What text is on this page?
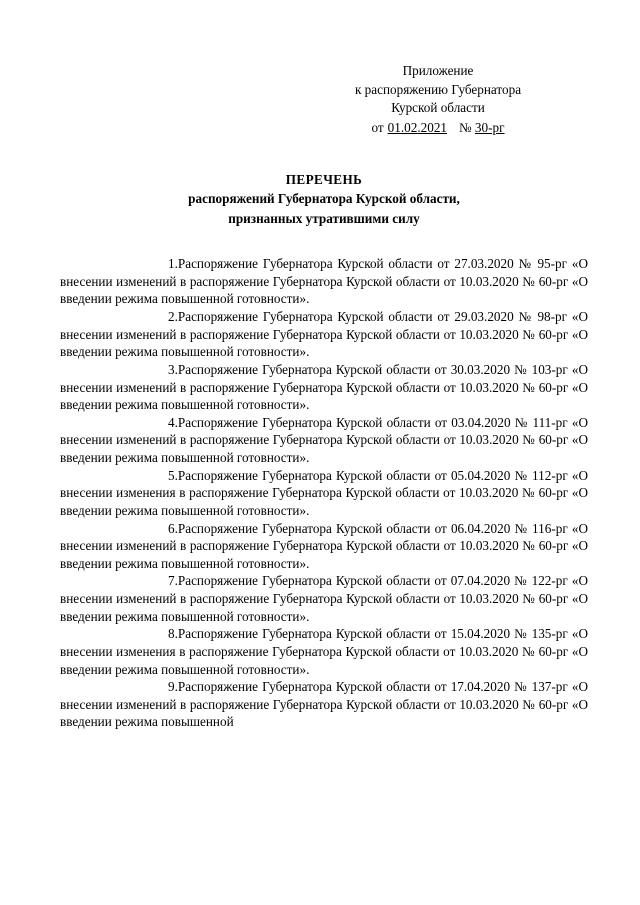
Приложение
к распоряжению Губернатора
Курской области
от 01.02.2021 № 30-рг
ПЕРЕЧЕНЬ
распоряжений Губернатора Курской области,
признанных утратившими силу

1.Распоряжение Губернатора Курской области от 27.03.2020 № 95-рг «О внесении изменений в распоряжение Губернатора Курской области от 10.03.2020 № 60-рг «О введении режима повышенной готовности».

2.Распоряжение Губернатора Курской области от 29.03.2020 № 98-рг «О внесении изменений в распоряжение Губернатора Курской области от 10.03.2020 № 60-рг «О введении режима повышенной готовности».

3.Распоряжение Губернатора Курской области от 30.03.2020 № 103-рг «О внесении изменений в распоряжение Губернатора Курской области от 10.03.2020 № 60-рг «О введении режима повышенной готовности».

4.Распоряжение Губернатора Курской области от 03.04.2020 № 111-рг «О внесении изменений в распоряжение Губернатора Курской области от 10.03.2020 № 60-рг «О введении режима повышенной готовности».

5.Распоряжение Губернатора Курской области от 05.04.2020 № 112-рг «О внесении изменения в распоряжение Губернатора Курской области от 10.03.2020 № 60-рг «О введении режима повышенной готовности».

6.Распоряжение Губернатора Курской области от 06.04.2020 № 116-рг «О внесении изменений в распоряжение Губернатора Курской области от 10.03.2020 № 60-рг «О введении режима повышенной готовности».

7.Распоряжение Губернатора Курской области от 07.04.2020 № 122-рг «О внесении изменений в распоряжение Губернатора Курской области от 10.03.2020 № 60-рг «О введении режима повышенной готовности».

8.Распоряжение Губернатора Курской области от 15.04.2020 № 135-рг «О внесении изменения в распоряжение Губернатора Курской области от 10.03.2020 № 60-рг «О введении режима повышенной готовности».

9.Распоряжение Губернатора Курской области от 17.04.2020 № 137-рг «О внесении изменений в распоряжение Губернатора Курской области от 10.03.2020 № 60-рг «О введении режима повышенной
